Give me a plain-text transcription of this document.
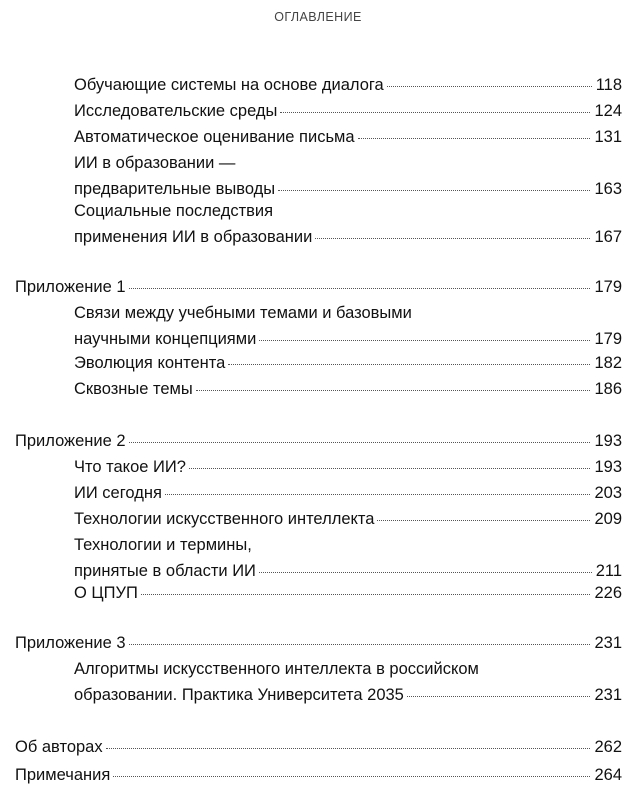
ОГЛАВЛЕНИЕ
Обучающие системы на основе диалога	118
Исследовательские среды	124
Автоматическое оценивание письма	131
ИИ в образовании —
предварительные выводы	163
Социальные последствия
применения ИИ в образовании	167
Приложение 1	179
Связи между учебными темами и базовыми
научными концепциями	179
Эволюция контента	182
Сквозные темы	186
Приложение 2	193
Что такое ИИ?	193
ИИ сегодня	203
Технологии искусственного интеллекта	209
Технологии и термины,
принятые в области ИИ	211
О ЦПУП	226
Приложение 3	231
Алгоритмы искусственного интеллекта в российском
образовании. Практика Университета 2035	231
Об авторах	262
Примечания	264
